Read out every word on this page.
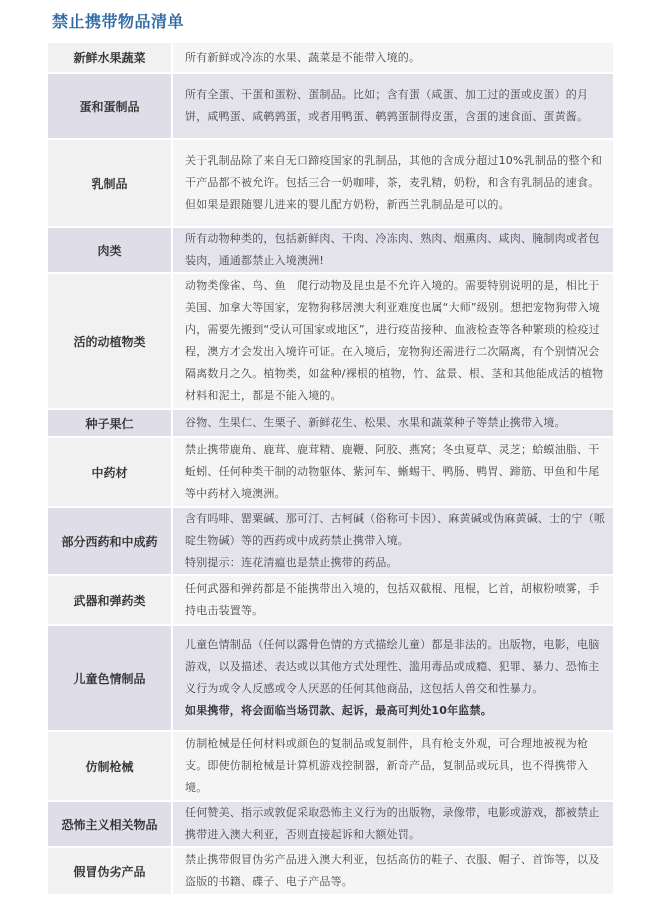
禁止携带物品清单
新鲜水果蔬菜	所有新鲜或冷冻的水果、蔬菜是不能带入境的。

蛋和蛋制品	所有全蛋、干蛋和蛋粉、蛋制品。比如；含有蛋（咸蛋、加工过的蛋或皮蛋）的月饼，咸鸭蛋、咸鹌鹑蛋，或者用鸭蛋、鹌鹑蛋制得皮蛋，含蛋的速食面、蛋黄酱。

乳制品	关于乳制品除了来自无口蹄疫国家的乳制品，其他的含成分超过10%乳制品的整个和干产品都不被允许。包括三合一奶咖啡，茶，麦乳精，奶粉，和含有乳制品的速食。但如果是跟随婴儿进来的婴儿配方奶粉，新西兰乳制品是可以的。

肉类	所有动物种类的，包括新鲜肉、干肉、冷冻肉、熟肉、烟熏肉、咸肉、腌制肉或者包装肉，通通都禁止入境澳洲!

活的动植物类	动物类像雀、鸟、鱼　爬行动物及昆虫是不允许入境的。需要特别说明的是，相比于美国、加拿大等国家，宠物狗移居澳大利亚难度也属“大师”级别。想把宠物狗带入境内，需要先搬到“受认可国家或地区”，进行疫苗接种、血液检查等各种繁琐的检疫过程，澳方才会发出入境许可证。在入境后，宠物狗还需进行二次隔离，有个别情况会隔离数月之久。植物类，如盆种/裸根的植物，竹、盆景、根、茎和其他能成活的植物材料和泥土，都是不能入境的。

种子果仁	谷物、生果仁、生栗子、新鲜花生、松果、水果和蔬菜种子等禁止携带入境。

中药材	禁止携带鹿角、鹿茸、鹿茸精、鹿鞭、阿胶、燕窝；冬虫夏草、灵芝；蛤蟆油脂、干蚯蚓、任何种类干制的动物躯体、紫河车、蜥蜴干、鸭肠、鸭胃、蹄筋、甲鱼和牛尾等中药材入境澳洲。

部分西药和中成药	含有吗啡、罂粟碱、那可汀、古柯碱（俗称可卡因）、麻黄碱或伪麻黄碱、士的宁（哌啶生物碱）等的西药或中成药禁止携带入境。
特别提示：连花清瘟也是禁止携带的药品。

武器和弹药类	任何武器和弹药都是不能携带出入境的，包括双截棍、甩棍，匕首，胡椒粉喷雾，手持电击装置等。

儿童色情制品	儿童色情制品（任何以露骨色情的方式描绘儿童）都是非法的。出版物，电影，电脑游戏，以及描述、表达或以其他方式处理性、滥用毒品或成瘾、犯罪、暴力、恐怖主义行为或令人反感或令人厌恶的任何其他商品，这包括人兽交和性暴力。
如果携带，将会面临当场罚款、起诉，最高可判处10年监禁。

仿制枪械	仿制枪械是任何材料或颜色的复制品或复制件，具有枪支外观，可合理地被视为枪支。即使仿制枪械是计算机游戏控制器，新奇产品，复制品或玩具，也不得携带入境。

恐怖主义相关物品	任何赞美、指示或敦促采取恐怖主义行为的出版物，录像带，电影或游戏，都被禁止携带进入澳大利亚，否则直接起诉和大额处罚。

假冒伪劣产品	禁止携带假冒伪劣产品进入澳大利亚，包括高仿的鞋子、衣服、帽子、首饰等，以及盗版的书籍、碟子、电子产品等。
